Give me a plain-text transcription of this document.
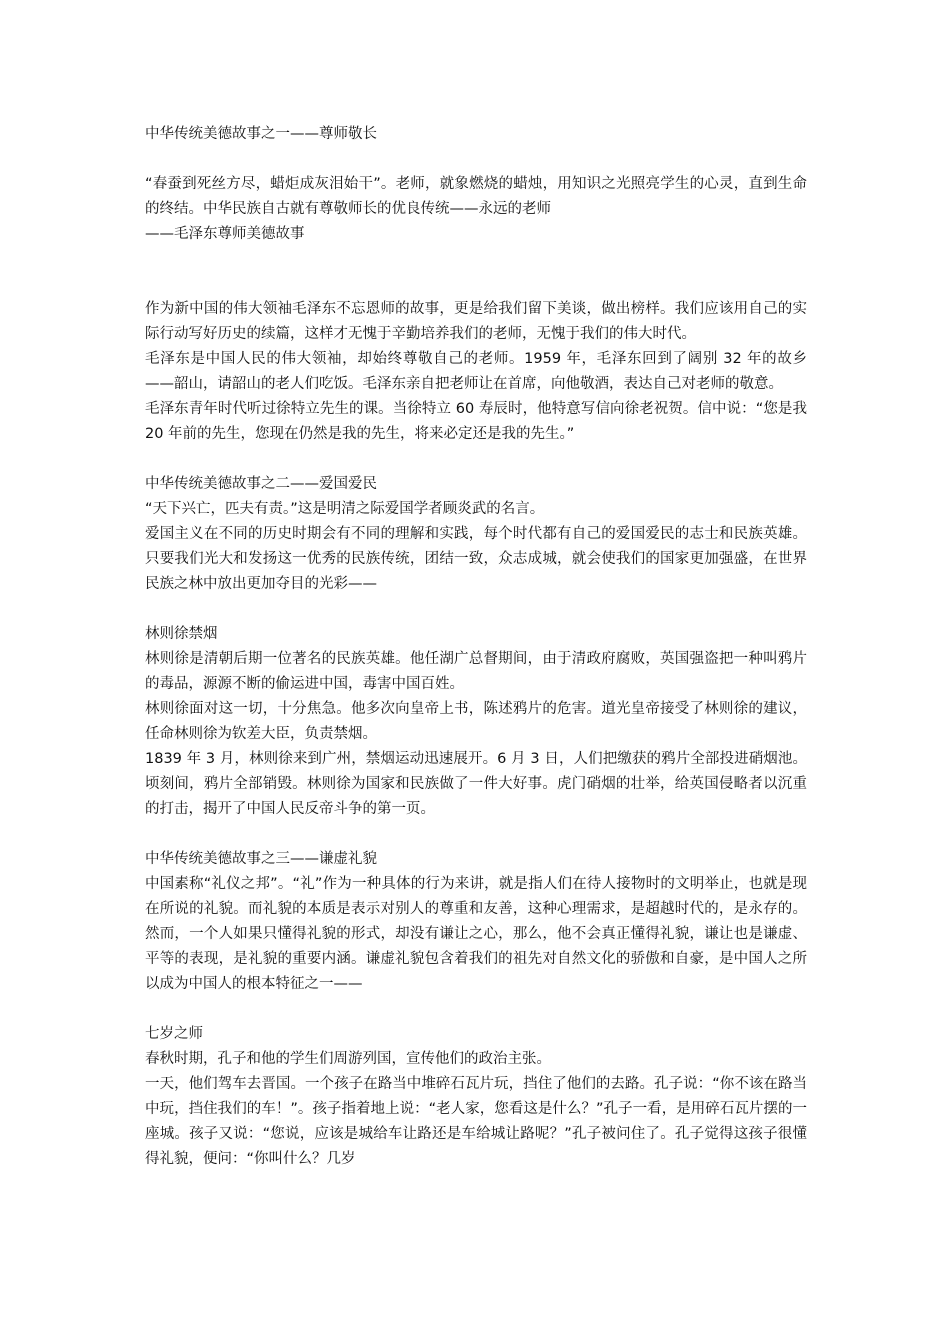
中华传统美德故事之一——尊师敬长

“春蚕到死丝方尽，蜡炬成灰泪始干”。老师，就象燃烧的蜡烛，用知识之光照亮学生的心灵，直到生命的终结。中华民族自古就有尊敬师长的优良传统——永远的老师

——毛泽东尊师美德故事

作为新中国的伟大领袖毛泽东不忘恩师的故事，更是给我们留下美谈，做出榜样。我们应该用自己的实际行动写好历史的续篇，这样才无愧于辛勤培养我们的老师，无愧于我们的伟大时代。

毛泽东是中国人民的伟大领袖，却始终尊敬自己的老师。1959 年，毛泽东回到了阔别 32 年的故乡——韶山，请韶山的老人们吃饭。毛泽东亲自把老师让在首席，向他敬酒，表达自己对老师的敬意。

毛泽东青年时代听过徐特立先生的课。当徐特立 60 寿辰时，他特意写信向徐老祝贺。信中说：“您是我 20 年前的先生，您现在仍然是我的先生，将来必定还是我的先生。”

中华传统美德故事之二——爱国爱民

“天下兴亡，匹夫有责。”这是明清之际爱国学者顾炎武的名言。

爱国主义在不同的历史时期会有不同的理解和实践，每个时代都有自己的爱国爱民的志士和民族英雄。只要我们光大和发扬这一优秀的民族传统，团结一致，众志成城，就会使我们的国家更加强盛，在世界民族之林中放出更加夺目的光彩——

林则徐禁烟

林则徐是清朝后期一位著名的民族英雄。他任湖广总督期间，由于清政府腐败，英国强盗把一种叫鸦片的毒品，源源不断的偷运进中国，毒害中国百姓。

林则徐面对这一切，十分焦急。他多次向皇帝上书，陈述鸦片的危害。道光皇帝接受了林则徐的建议，任命林则徐为钦差大臣，负责禁烟。

1839 年 3 月，林则徐来到广州，禁烟运动迅速展开。6 月 3 日，人们把缴获的鸦片全部投进硝烟池。顷刻间，鸦片全部销毁。林则徐为国家和民族做了一件大好事。虎门硝烟的壮举，给英国侵略者以沉重的打击，揭开了中国人民反帝斗争的第一页。

中华传统美德故事之三——谦虚礼貌

中国素称“礼仪之邦”。“礼”作为一种具体的行为来讲，就是指人们在待人接物时的文明举止，也就是现在所说的礼貌。而礼貌的本质是表示对别人的尊重和友善，这种心理需求，是超越时代的，是永存的。然而，一个人如果只懂得礼貌的形式，却没有谦让之心，那么，他不会真正懂得礼貌，谦让也是谦虚、平等的表现，是礼貌的重要内涵。谦虚礼貌包含着我们的祖先对自然文化的骄傲和自豪，是中国人之所以成为中国人的根本特征之一——

七岁之师

春秋时期，孔子和他的学生们周游列国，宣传他们的政治主张。

一天，他们驾车去晋国。一个孩子在路当中堆碎石瓦片玩，挡住了他们的去路。孔子说：“你不该在路当中玩，挡住我们的车！”。孩子指着地上说：“老人家，您看这是什么？”孔子一看，是用碎石瓦片摆的一座城。孩子又说：“您说，应该是城给车让路还是车给城让路呢？”孔子被问住了。孔子觉得这孩子很懂得礼貌，便问：“你叫什么？几岁
